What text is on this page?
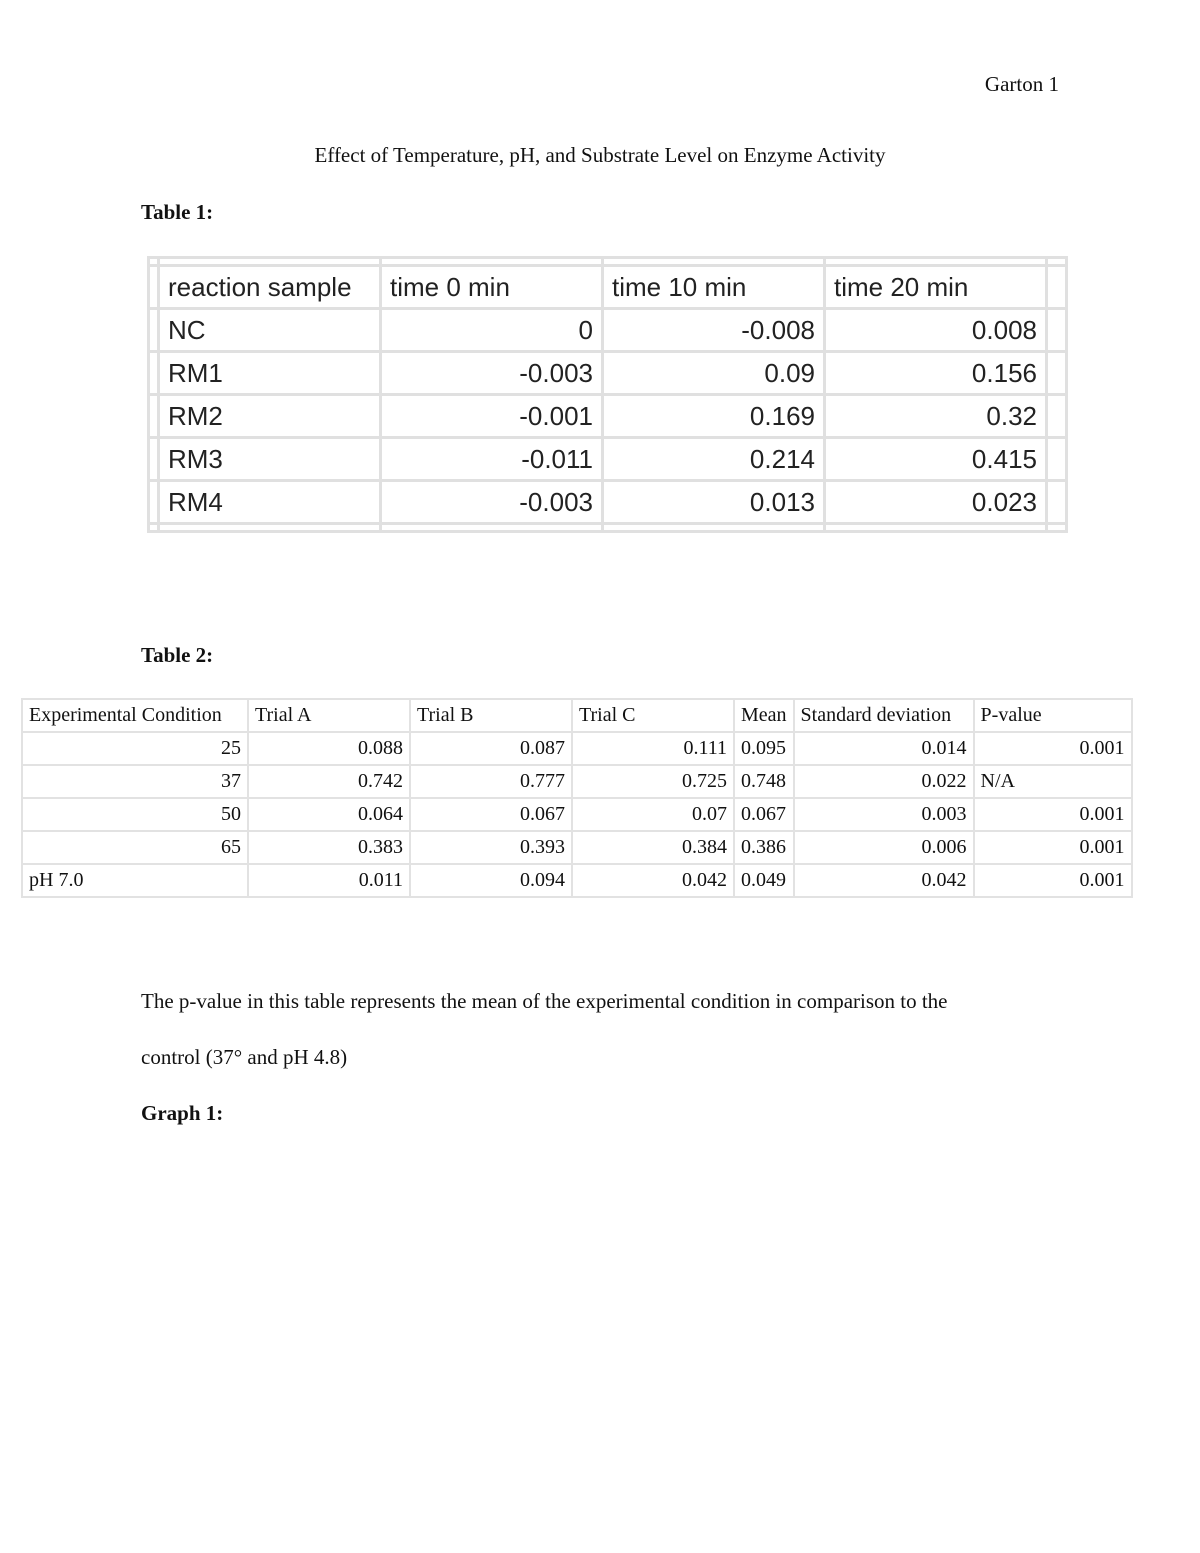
Garton 1
Effect of Temperature, pH, and Substrate Level on Enzyme Activity
Table 1:

	reaction sample	time 0 min	time 10 min	time 20 min	
	NC	0	-0.008	0.008	
	RM1	-0.003	0.09	0.156	
	RM2	-0.001	0.169	0.32	
	RM3	-0.011	0.214	0.415	
	RM4	-0.003	0.013	0.023	

Table 2:
Experimental Condition	Trial A	Trial B	Trial C	Mean	Standard deviation	P-value
25	0.088	0.087	0.111	0.095	0.014	0.001
37	0.742	0.777	0.725	0.748	0.022	N/A
50	0.064	0.067	0.07	0.067	0.003	0.001
65	0.383	0.393	0.384	0.386	0.006	0.001
pH 7.0	0.011	0.094	0.042	0.049	0.042	0.001
The p-value in this table represents the mean of the experimental condition in comparison to the
control (37° and pH 4.8)
Graph 1:
